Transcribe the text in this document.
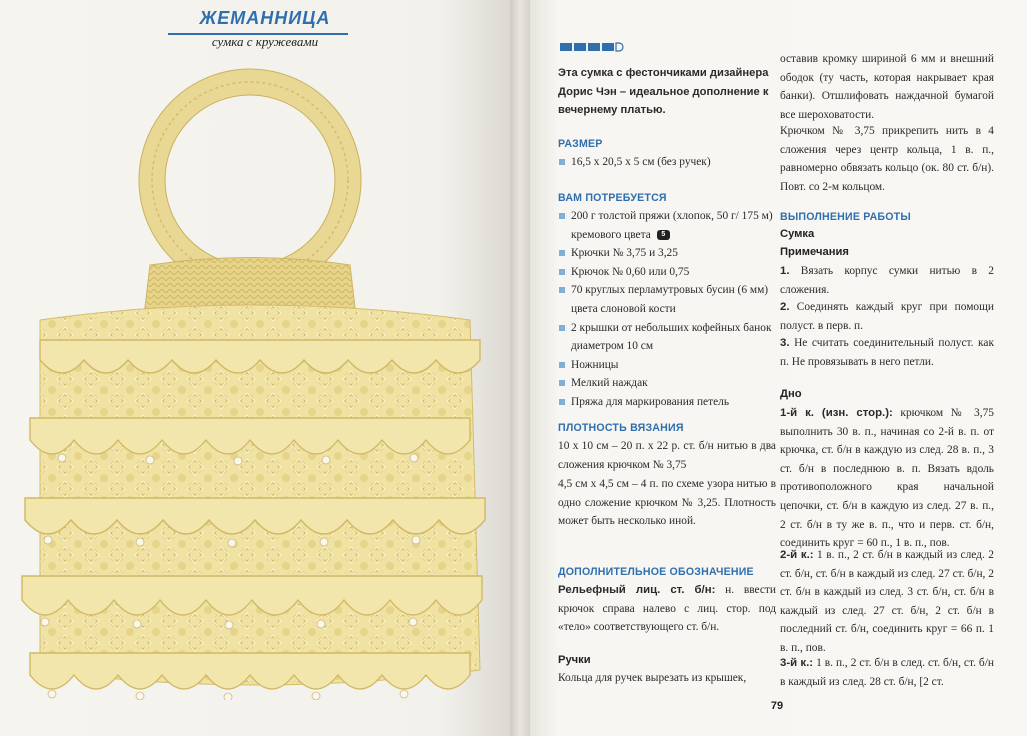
ЖЕМАННИЦА
сумка с кружевами

Эта сумка с фестончиками дизайнера Дорис Чэн – идеальное дополнение к вечернему платью.

РАЗМЕР

16,5 x 20,5 x 5 см (без ручек)

ВАМ ПОТРЕБУЕТСЯ

200 г толстой пряжи (хлопок, 50 г/ 175 м) кремового цвета 5
Крючки № 3,75 и 3,25
Крючок № 0,60 или 0,75
70 круглых перламутровых бусин (6 мм) цвета слоновой кости
2 крышки от небольших кофейных банок диаметром 10 см
Ножницы
Мелкий наждак
Пряжа для маркирования петель

ПЛОТНОСТЬ ВЯЗАНИЯ

10 x 10 см – 20 п. x 22 р. ст. б/н нитью в два сложения крючком № 3,75

4,5 см x 4,5 см – 4 п. по схеме узора нитью в одно сложение крючком № 3,25. Плотность может быть несколько иной.

ДОПОЛНИТЕЛЬНОЕ ОБОЗНАЧЕНИЕ

Рельефный лиц. ст. б/н: н. ввести крючок справа налево с лиц. стор. под «тело» соответствующего ст. б/н.

Ручки

Кольца для ручек вырезать из крышек,

оставив кромку шириной 6 мм и внешний ободок (ту часть, которая накрывает края банки). Отшлифовать наждачной бумагой все шероховатости.

Крючком № 3,75 прикрепить нить в 4 сложения через центр кольца, 1 в. п., равномерно обвязать кольцо (ок. 80 ст. б/н). Повт. со 2-м кольцом.

ВЫПОЛНЕНИЕ РАБОТЫ

Сумка

Примечания

1. Вязать корпус сумки нитью в 2 сложения.

2. Соединять каждый круг при помощи полуст. в перв. п.

3. Не считать соединительный полуст. как п. Не провязывать в него петли.

Дно

1-й к. (изн. стор.): крючком № 3,75 выполнить 30 в. п., начиная со 2-й в. п. от крючка, ст. б/н в каждую из след. 28 в. п., 3 ст. б/н в последнюю в. п. Вязать вдоль противоположного края начальной цепочки, ст. б/н в каждую из след. 27 в. п., 2 ст. б/н в ту же в. п., что и перв. ст. б/н, соединить круг = 60 п., 1 в. п., пов.

2-й к.: 1 в. п., 2 ст. б/н в каждый из след. 2 ст. б/н, ст. б/н в каждый из след. 27 ст. б/н, 2 ст. б/н в каждый из след. 3 ст. б/н, ст. б/н в каждый из след. 27 ст. б/н, 2 ст. б/н в последний ст. б/н, соединить круг = 66 п. 1 в. п., пов.

3-й к.: 1 в. п., 2 ст. б/н в след. ст. б/н, ст. б/н в каждый из след. 28 ст. б/н, [2 ст.

79
